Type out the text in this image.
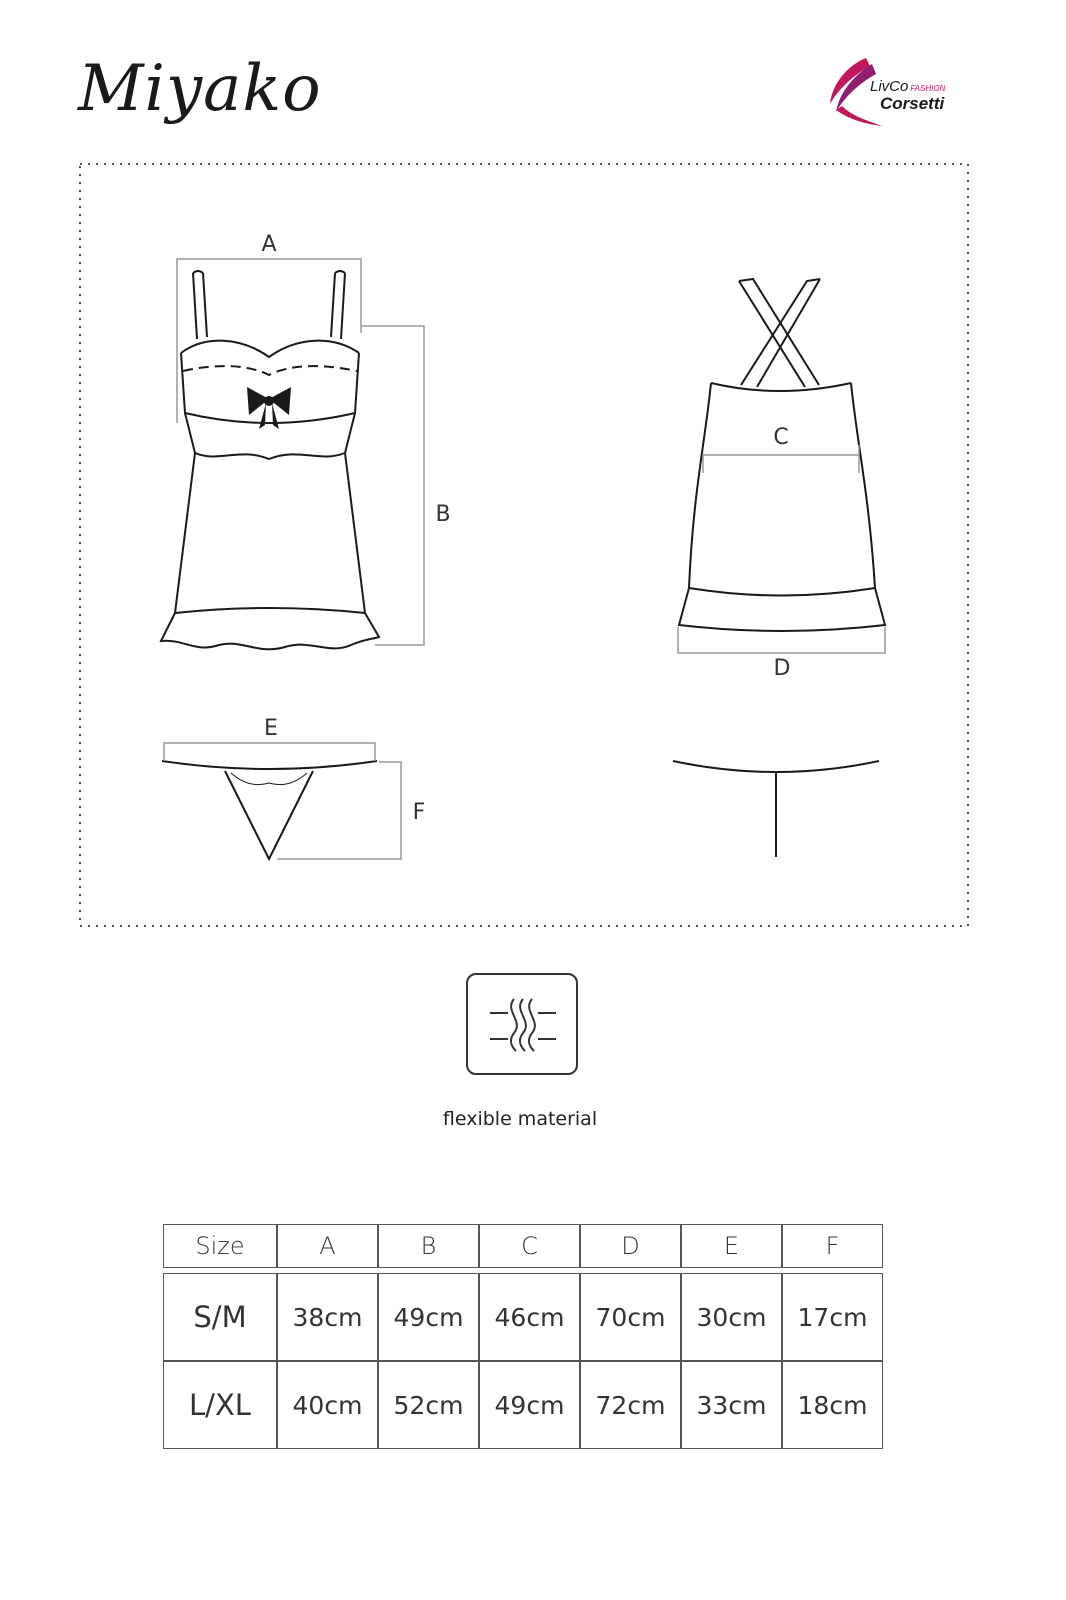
Miyako	LivCo FASHION
Corsetti
A
B
C
D
E
F
flexible material
Size	A	B	C	D	E	F

S/M	38cm	49cm	46cm	70cm	30cm	17cm
L/XL	40cm	52cm	49cm	72cm	33cm	18cm
